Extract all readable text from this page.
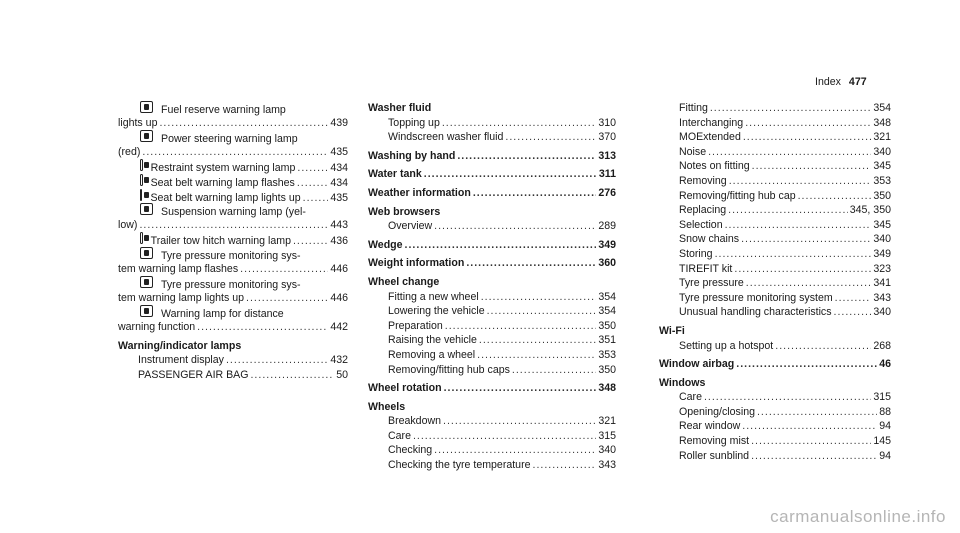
Index 477
Fuel reserve warning lamp
lights up .....	439
Power steering warning lamp
(red) .....	435
Restraint system warning lamp .....	434
Seat belt warning lamp flashes .....	434
Seat belt warning lamp lights up .....	435
Suspension warning lamp (yel-
low) .....	443
Trailer tow hitch warning lamp .....	436
Tyre pressure monitoring sys-
tem warning lamp flashes .....	446
Tyre pressure monitoring sys-
tem warning lamp lights up .....	446
Warning lamp for distance
warning function .....	442
Warning/indicator lamps
Instrument display .....	432
PASSENGER AIR BAG .....	50
Washer fluid
Topping up .....	310
Windscreen washer fluid .....	370
Washing by hand .....	313
Water tank .....	311
Weather information .....	276
Web browsers
Overview .....	289
Wedge .....	349
Weight information .....	360
Wheel change
Fitting a new wheel .....	354
Lowering the vehicle .....	354
Preparation .....	350
Raising the vehicle .....	351
Removing a wheel .....	353
Removing/fitting hub caps .....	350
Wheel rotation .....	348
Wheels
Breakdown .....	321
Care .....	315
Checking .....	340
Checking the tyre temperature .....	343
Fitting .....	354
Interchanging .....	348
MOExtended .....	321
Noise .....	340
Notes on fitting .....	345
Removing .....	353
Removing/fitting hub cap .....	350
Replacing .....	345, 350
Selection .....	345
Snow chains .....	340
Storing .....	349
TIREFIT kit .....	323
Tyre pressure .....	341
Tyre pressure monitoring system .....	343
Unusual handling characteristics .....	340
Wi-Fi
Setting up a hotspot .....	268
Window airbag .....	46
Windows
Care .....	315
Opening/closing .....	88
Rear window .....	94
Removing mist .....	145
Roller sunblind .....	94
carmanualsonline.info
